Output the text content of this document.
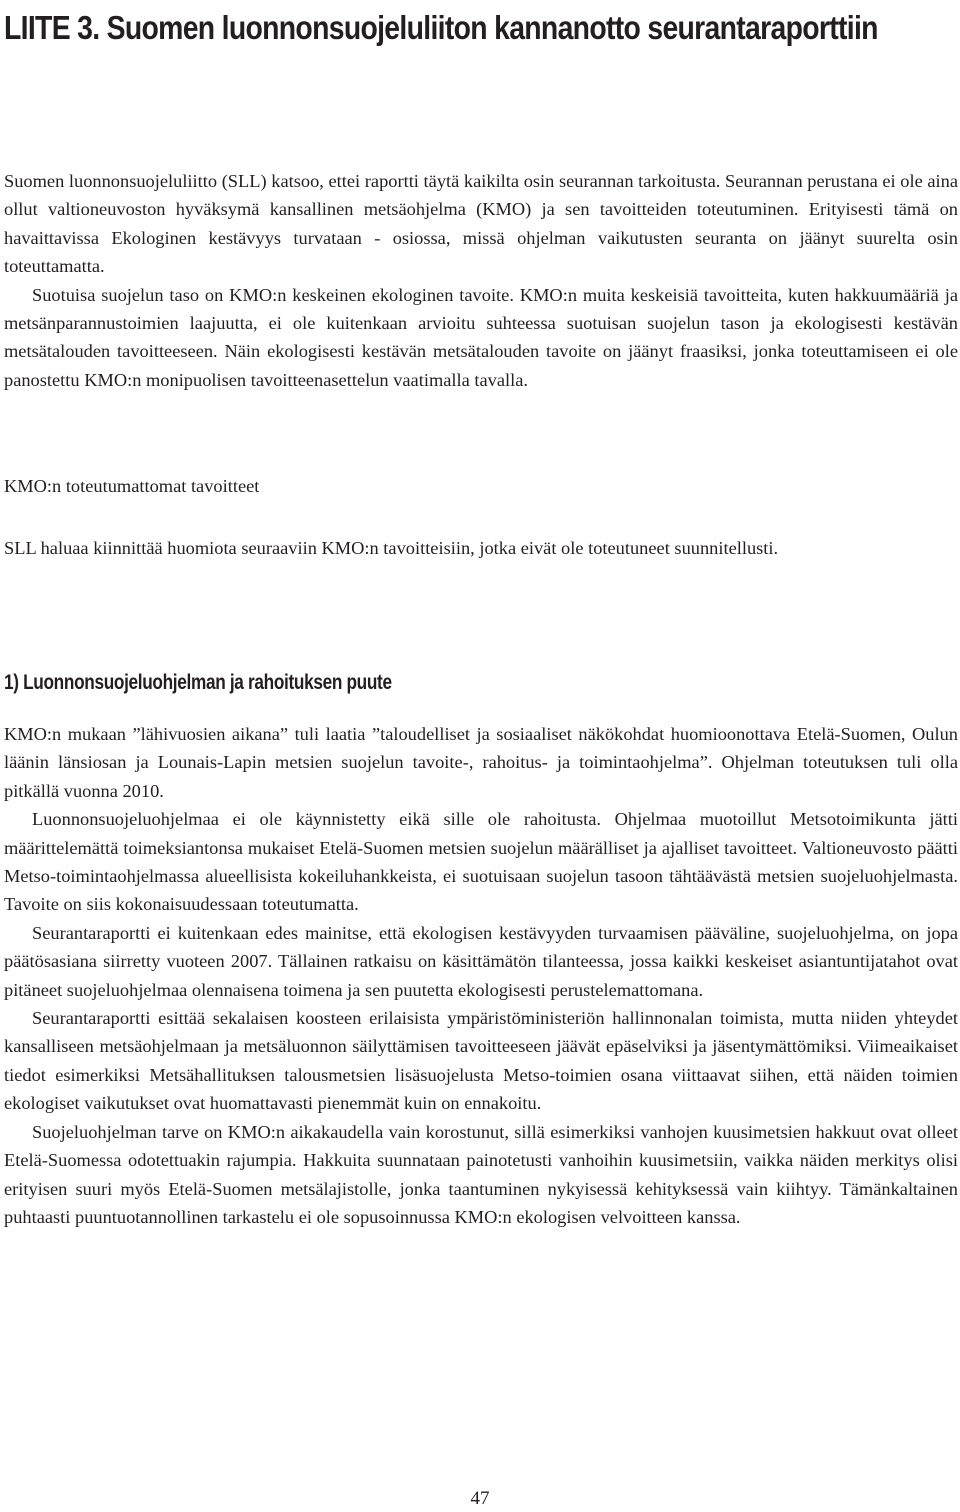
LIITE 3. Suomen luonnonsuojeluliiton kannanotto seurantaraporttiin

Suomen luonnonsuojeluliitto (SLL) katsoo, ettei raportti täytä kaikilta osin seurannan tarkoitusta. Seurannan perustana ei ole aina ollut valtioneuvoston hyväksymä kansallinen metsäohjelma (KMO) ja sen tavoitteiden toteutuminen. Erityisesti tämä on havaittavissa Ekologinen kestävyys turvataan - osiossa, missä ohjelman vaikutusten seuranta on jäänyt suurelta osin toteuttamatta.

Suotuisa suojelun taso on KMO:n keskeinen ekologinen tavoite. KMO:n muita keskeisiä tavoitteita, kuten hakkuumääriä ja metsänparannustoimien laajuutta, ei ole kuitenkaan arvioitu suhteessa suotuisan suojelun tason ja ekologisesti kestävän metsätalouden tavoitteeseen. Näin ekologisesti kestävän metsätalouden tavoite on jäänyt fraasiksi, jonka toteuttamiseen ei ole panostettu KMO:n monipuolisen tavoitteenasettelun vaatimalla tavalla.

KMO:n toteutumattomat tavoitteet

SLL haluaa kiinnittää huomiota seuraaviin KMO:n tavoitteisiin, jotka eivät ole toteutuneet suunnitellusti.

1) Luonnonsuojeluohjelman ja rahoituksen puute

KMO:n mukaan ”lähivuosien aikana” tuli laatia ”taloudelliset ja sosiaaliset näkökohdat huomioonottava Etelä-Suomen, Oulun läänin länsiosan ja Lounais-Lapin metsien suojelun tavoite-, rahoitus- ja toimintaohjelma”. Ohjelman toteutuksen tuli olla pitkällä vuonna 2010.

Luonnonsuojeluohjelmaa ei ole käynnistetty eikä sille ole rahoitusta. Ohjelmaa muotoillut Metsotoimikunta jätti määrittelemättä toimeksiantonsa mukaiset Etelä-Suomen metsien suojelun määrälliset ja ajalliset tavoitteet. Valtioneuvosto päätti Metso-toimintaohjelmassa alueellisista kokeiluhankkeista, ei suotuisaan suojelun tasoon tähtäävästä metsien suojeluohjelmasta. Tavoite on siis kokonaisuudessaan toteutumatta.

Seurantaraportti ei kuitenkaan edes mainitse, että ekologisen kestävyyden turvaamisen pääväline, suojeluohjelma, on jopa päätösasiana siirretty vuoteen 2007. Tällainen ratkaisu on käsittämätön tilanteessa, jossa kaikki keskeiset asiantuntijatahot ovat pitäneet suojeluohjelmaa olennaisena toimena ja sen puutetta ekologisesti perustelemattomana.

Seurantaraportti esittää sekalaisen koosteen erilaisista ympäristöministeriön hallinnonalan toimista, mutta niiden yhteydet kansalliseen metsäohjelmaan ja metsäluonnon säilyttämisen tavoitteeseen jäävät epäselviksi ja jäsentymättömiksi. Viimeaikaiset tiedot esimerkiksi Metsähallituksen talousmetsien lisäsuojelusta Metso-toimien osana viittaavat siihen, että näiden toimien ekologiset vaikutukset ovat huomattavasti pienemmät kuin on ennakoitu.

Suojeluohjelman tarve on KMO:n aikakaudella vain korostunut, sillä esimerkiksi vanhojen kuusimetsien hakkuut ovat olleet Etelä-Suomessa odotettuakin rajumpia. Hakkuita suunnataan painotetusti vanhoihin kuusimetsiin, vaikka näiden merkitys olisi erityisen suuri myös Etelä-Suomen metsälajistolle, jonka taantuminen nykyisessä kehityksessä vain kiihtyy. Tämänkaltainen puhtaasti puuntuotannollinen tarkastelu ei ole sopusoinnussa KMO:n ekologisen velvoitteen kanssa.

47
